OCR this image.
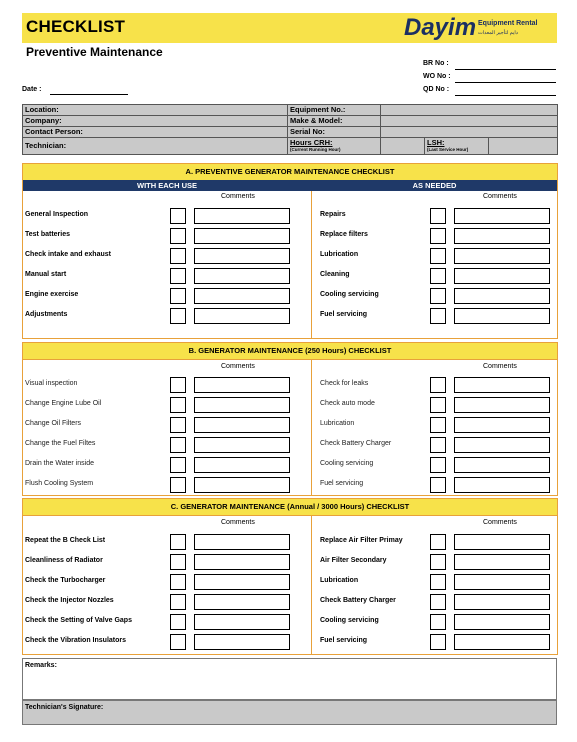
CHECKLIST	Dayim Equipment Rental
دايم لتأجير المعدات
Preventive Maintenance
BR No :
WO No :
QD No :
Date :
Location:	Equipment No.:			
Company:	Make & Model:			
Contact Person:	Serial No:			
Technician:	Hours CRH:
(Current Running Hour)		LSH:
(Last Service Hour)	

A. PREVENTIVE GENERATOR MAINTENANCE CHECKLIST
WITH EACH USE	AS NEEDED
Comments	Comments
General Inspection
Test batteries
Check intake and exhaust
Manual start
Engine exercise
Adjustments
Repairs
Replace filters
Lubrication
Cleaning
Cooling servicing
Fuel servicing
B. GENERATOR MAINTENANCE (250 Hours) CHECKLIST
Comments	Comments
Visual inspection
Change Engine Lube Oil
Change Oil Filters
Change the Fuel Filtes
Drain the Water inside
Flush Cooling System
Check for leaks
Check auto mode
Lubrication
Check Battery Charger
Cooling servicing
Fuel servicing
C. GENERATOR MAINTENANCE (Annual / 3000 Hours) CHECKLIST
Comments	Comments
Repeat the B Check List
Cleanliness of Radiator
Check the Turbocharger
Check the Injector Nozzles
Check the Setting of Valve Gaps
Check the Vibration Insulators
Replace Air Filter Primay
Air Filter Secondary
Lubrication
Check Battery Charger
Cooling servicing
Fuel servicing
Remarks:
Technician's Signature:
